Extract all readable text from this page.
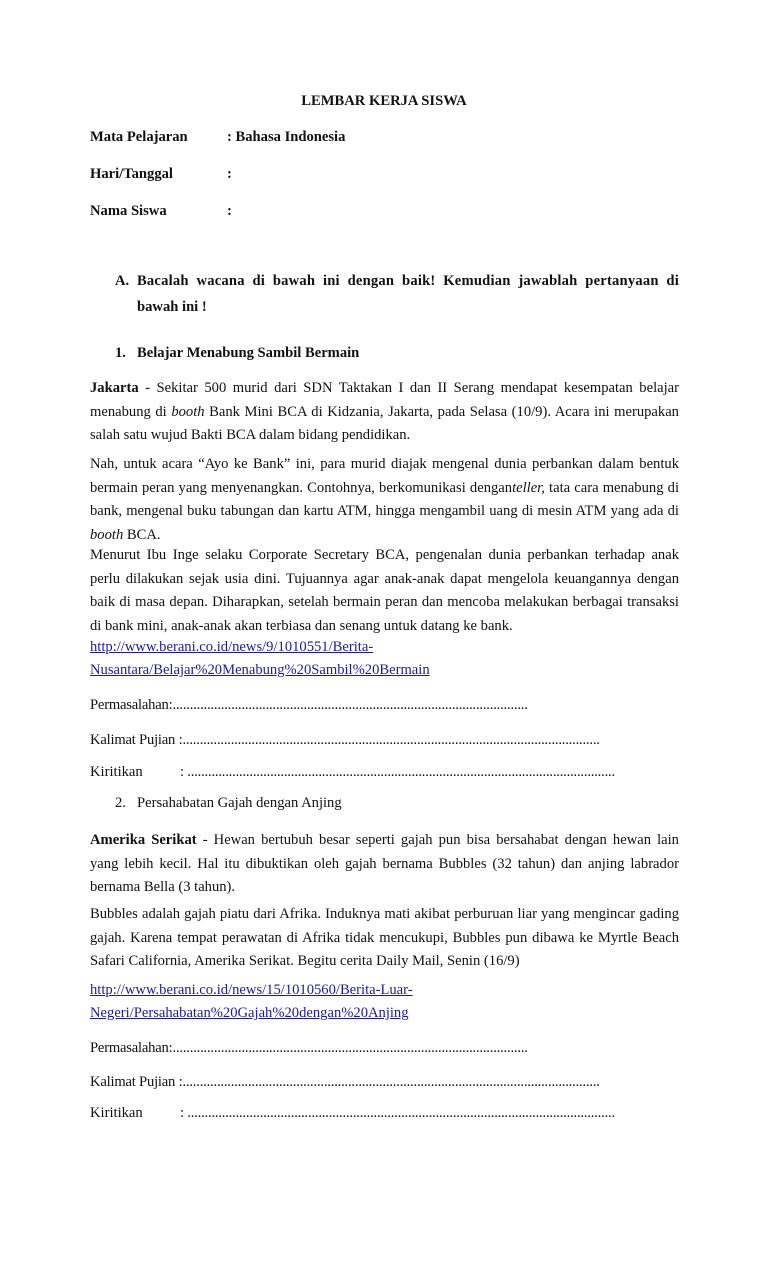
LEMBAR KERJA SISWA
Mata Pelajaran	: Bahasa Indonesia
Hari/Tanggal	:
Nama Siswa	:
A. Bacalah wacana di bawah ini dengan baik! Kemudian jawablah pertanyaan di
bawah ini !
1. Belajar Menabung Sambil Bermain
Jakarta - Sekitar 500 murid dari SDN Taktakan I dan II Serang mendapat kesempatan belajar menabung di booth Bank Mini BCA di Kidzania, Jakarta, pada Selasa (10/9). Acara ini merupakan salah satu wujud Bakti BCA dalam bidang pendidikan.
Nah, untuk acara “Ayo ke Bank” ini, para murid diajak mengenal dunia perbankan dalam bentuk bermain peran yang menyenangkan. Contohnya, berkomunikasi denganteller, tata cara menabung di bank, mengenal buku tabungan dan kartu ATM, hingga mengambil uang di mesin ATM yang ada di booth BCA.
Menurut Ibu Inge selaku Corporate Secretary BCA, pengenalan dunia perbankan terhadap anak perlu dilakukan sejak usia dini. Tujuannya agar anak-anak dapat mengelola keuangannya dengan baik di masa depan. Diharapkan, setelah bermain peran dan mencoba melakukan berbagai transaksi di bank mini, anak-anak akan terbiasa dan senang untuk datang ke bank.
http://www.berani.co.id/news/9/1010551/Berita-
Nusantara/Belajar%20Menabung%20Sambil%20Bermain
Permasalahan:.......................................................................................................
Kalimat Pujian :.........................................................................................................................
Kiritikan	: ............................................................................................................................
2. Persahabatan Gajah dengan Anjing
Amerika Serikat - Hewan bertubuh besar seperti gajah pun bisa bersahabat dengan hewan lain yang lebih kecil. Hal itu dibuktikan oleh gajah bernama Bubbles (32 tahun) dan anjing labrador bernama Bella (3 tahun).
Bubbles adalah gajah piatu dari Afrika. Induknya mati akibat perburuan liar yang mengincar gading gajah. Karena tempat perawatan di Afrika tidak mencukupi, Bubbles pun dibawa ke Myrtle Beach Safari California, Amerika Serikat. Begitu cerita Daily Mail, Senin (16/9)
http://www.berani.co.id/news/15/1010560/Berita-Luar-
Negeri/Persahabatan%20Gajah%20dengan%20Anjing
Permasalahan:.......................................................................................................
Kalimat Pujian :.........................................................................................................................
Kiritikan	: ............................................................................................................................
